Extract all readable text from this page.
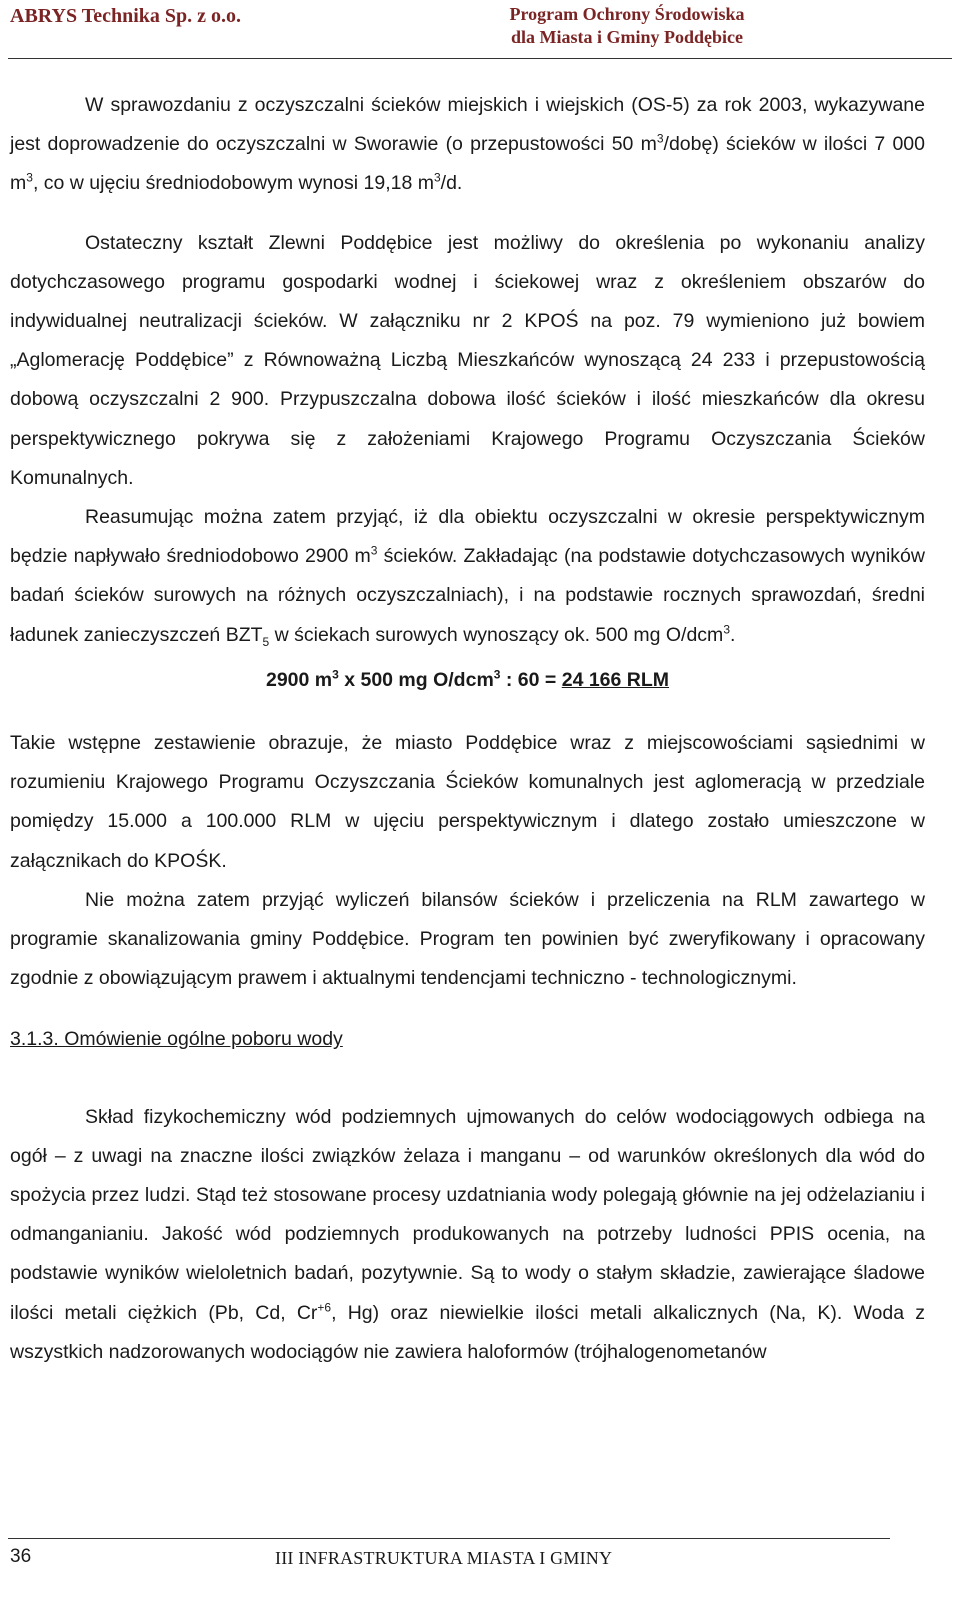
ABRYS Technika Sp. z o.o.	Program Ochrony Środowiska
dla Miasta i Gminy Poddębice

W sprawozdaniu z oczyszczalni ścieków miejskich i wiejskich (OS-5) za rok 2003, wykazywane jest doprowadzenie do oczyszczalni w Sworawie (o przepustowości 50 $m^3/dobę$) ścieków w ilości 7 000 $m^3$, co w ujęciu średniodobowym wynosi 19,18 $m^3/d$.

Ostateczny kształt Zlewni Poddębice jest możliwy do określenia po wykonaniu analizy dotychczasowego programu gospodarki wodnej i ściekowej wraz z określeniem obszarów do indywidualnej neutralizacji ścieków. W załączniku nr 2 KPOŚ na poz. 79 wymieniono już bowiem „Aglomerację Poddębice” z Równoważną Liczbą Mieszkańców wynoszącą 24 233 i przepustowością dobową oczyszczalni 2 900. Przypuszczalna dobowa ilość ścieków i ilość mieszkańców dla okresu perspektywicznego pokrywa się z założeniami Krajowego Programu Oczyszczania Ścieków Komunalnych.

Reasumując można zatem przyjąć, iż dla obiektu oczyszczalni w okresie perspektywicznym będzie napływało średniodobowo 2900 $m^3$ ścieków. Zakładając (na podstawie dotychczasowych wyników badań ścieków surowych na różnych oczyszczalniach), i na podstawie rocznych sprawozdań, średni ładunek zanieczyszczeń $BZT_5$ w ściekach surowych wynoszący ok. 500 mg O/dcm$^3$.

2900 $m^3$ x 500 mg O/dcm$^3$ : 60 = 24 166 RLM

Takie wstępne zestawienie obrazuje, że miasto Poddębice wraz z miejscowościami sąsiednimi w rozumieniu Krajowego Programu Oczyszczania Ścieków komunalnych jest aglomeracją w przedziale pomiędzy 15.000 a 100.000 RLM w ujęciu perspektywicznym i dlatego zostało umieszczone w załącznikach do KPOŚK.

Nie można zatem przyjąć wyliczeń bilansów ścieków i przeliczenia na RLM zawartego w programie skanalizowania gminy Poddębice. Program ten powinien być zweryfikowany i opracowany zgodnie z obowiązującym prawem i aktualnymi tendencjami techniczno - technologicznymi.

3.1.3. Omówienie ogólne poboru wody

Skład fizykochemiczny wód podziemnych ujmowanych do celów wodociągowych odbiega na ogół – z uwagi na znaczne ilości związków żelaza i manganu – od warunków określonych dla wód do spożycia przez ludzi. Stąd też stosowane procesy uzdatniania wody polegają głównie na jej odżelazianiu i odmanganianiu. Jakość wód podziemnych produkowanych na potrzeby ludności PPIS ocenia, na podstawie wyników wieloletnich badań, pozytywnie. Są to wody o stałym składzie, zawierające śladowe ilości metali ciężkich (Pb, Cd, $Cr^{+6}$, Hg) oraz niewielkie ilości metali alkalicznych (Na, K). Woda z wszystkich nadzorowanych wodociągów nie zawiera haloformów (trójhalogenometanów

36	III INFRASTRUKTURA MIASTA I GMINY
